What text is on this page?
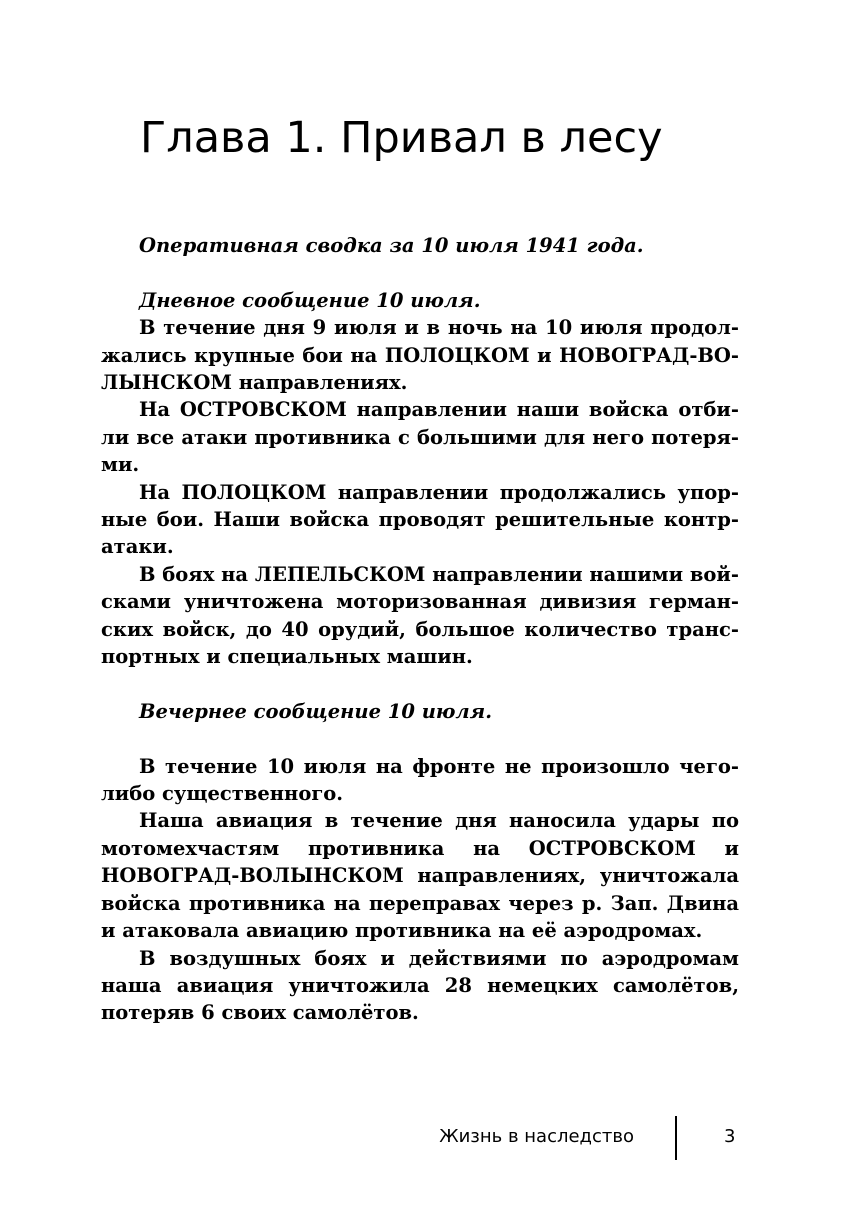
Глава 1. Привал в лесу

Оперативная сводка за 10 июля 1941 года.

Дневное сообщение 10 июля.

В течение дня 9 июля и в ночь на 10 июля продолжались крупные бои на ПОЛОЦКОМ и НОВОГРАД-ВОЛЫНСКОМ направлениях.

На ОСТРОВСКОМ направлении наши войска отбили все атаки противника с большими для него потерями.

На ПОЛОЦКОМ направлении продолжались упорные бои. Наши войска проводят решительные контратаки.

В боях на ЛЕПЕЛЬСКОМ направлении нашими войсками уничтожена моторизованная дивизия германских войск, до 40 орудий, большое количество транспортных и специальных машин.

Вечернее сообщение 10 июля.

В течение 10 июля на фронте не произошло чего-либо существенного.

Наша авиация в течение дня наносила удары по мотомехчастям противника на ОСТРОВСКОМ и НОВОГРАД-ВОЛЫНСКОМ направлениях, уничтожала войска противника на переправах через р. Зап. Двина и атаковала авиацию противника на её аэродромах.

В воздушных боях и действиями по аэродромам наша авиация уничтожила 28 немецких самолётов, потеряв 6 своих самолётов.

Жизнь в наследство	3
